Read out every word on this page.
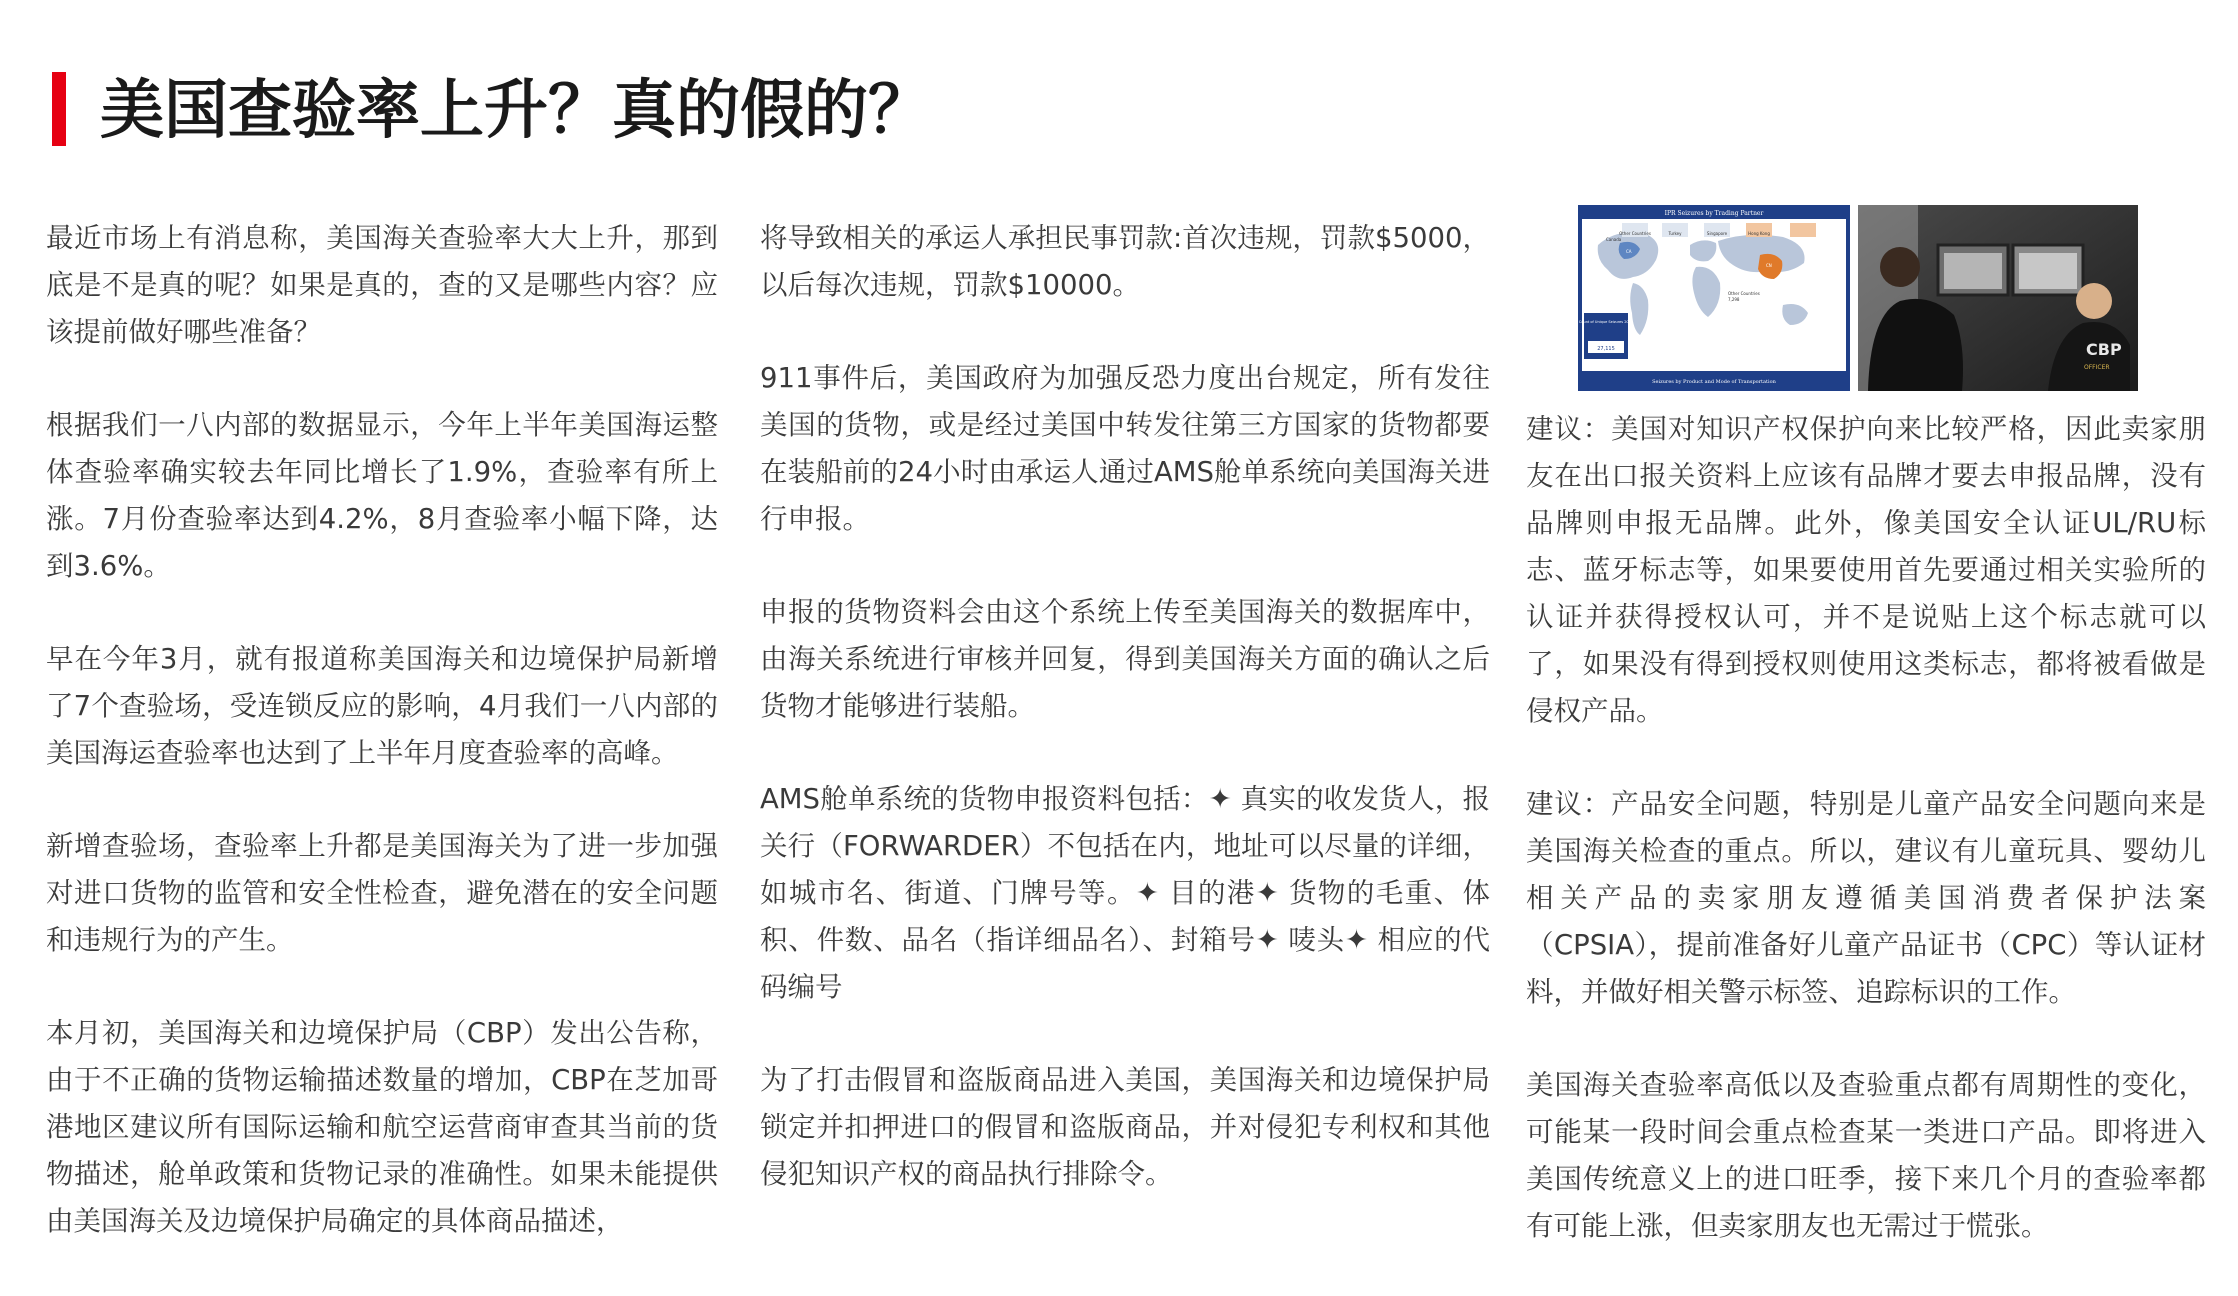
美国查验率上升？真的假的？

最近市场上有消息称，美国海关查验率大大上升，那到底是不是真的呢？如果是真的，查的又是哪些内容？应该提前做好哪些准备？

根据我们一八内部的数据显示，今年上半年美国海运整体查验率确实较去年同比增长了1.9%，查验率有所上涨。7月份查验率达到4.2%，8月查验率小幅下降，达到3.6%。

早在今年3月，就有报道称美国海关和边境保护局新增了7个查验场，受连锁反应的影响，4月我们一八内部的美国海运查验率也达到了上半年月度查验率的高峰。

新增查验场，查验率上升都是美国海关为了进一步加强对进口货物的监管和安全性检查，避免潜在的安全问题和违规行为的产生。

本月初，美国海关和边境保护局（CBP）发出公告称，由于不正确的货物运输描述数量的增加，CBP在芝加哥港地区建议所有国际运输和航空运营商审查其当前的货物描述，舱单政策和货物记录的准确性。如果未能提供由美国海关及边境保护局确定的具体商品描述，

将导致相关的承运人承担民事罚款:首次违规，罚款$5000，以后每次违规，罚款$10000。

911事件后，美国政府为加强反恐力度出台规定，所有发往美国的货物，或是经过美国中转发往第三方国家的货物都要在装船前的24小时由承运人通过AMS舱单系统向美国海关进行申报。

申报的货物资料会由这个系统上传至美国海关的数据库中，由海关系统进行审核并回复，得到美国海关方面的确认之后货物才能够进行装船。

AMS舱单系统的货物申报资料包括：✦ 真实的收发货人，报关行（FORWARDER）不包括在内，地址可以尽量的详细，如城市名、街道、门牌号等。✦ 目的港✦ 货物的毛重、体积、件数、品名（指详细品名）、封箱号✦ 唛头✦ 相应的代码编号

为了打击假冒和盗版商品进入美国，美国海关和边境保护局锁定并扣押进口的假冒和盗版商品，并对侵犯专利权和其他侵犯知识产权的商品执行排除令。

IPR Seizures by Trading Partner
Other Countries	Turkey	Singapore	Hong Kong
Canada
CA
Other Countries
7,298
CN
Count of Unique Seizures 2021
27,115
Seizures by Product and Mode of Transportation
CBP
OFFICER

建议：美国对知识产权保护向来比较严格，因此卖家朋友在出口报关资料上应该有品牌才要去申报品牌，没有品牌则申报无品牌。此外，像美国安全认证UL/RU标志、蓝牙标志等，如果要使用首先要通过相关实验所的认证并获得授权认可，并不是说贴上这个标志就可以了，如果没有得到授权则使用这类标志，都将被看做是侵权产品。

建议：产品安全问题，特别是儿童产品安全问题向来是美国海关检查的重点。所以，建议有儿童玩具、婴幼儿相关产品的卖家朋友遵循美国消费者保护法案（CPSIA），提前准备好儿童产品证书（CPC）等认证材料，并做好相关警示标签、追踪标识的工作。

美国海关查验率高低以及查验重点都有周期性的变化，可能某一段时间会重点检查某一类进口产品。即将进入美国传统意义上的进口旺季，接下来几个月的查验率都有可能上涨，但卖家朋友也无需过于慌张。
